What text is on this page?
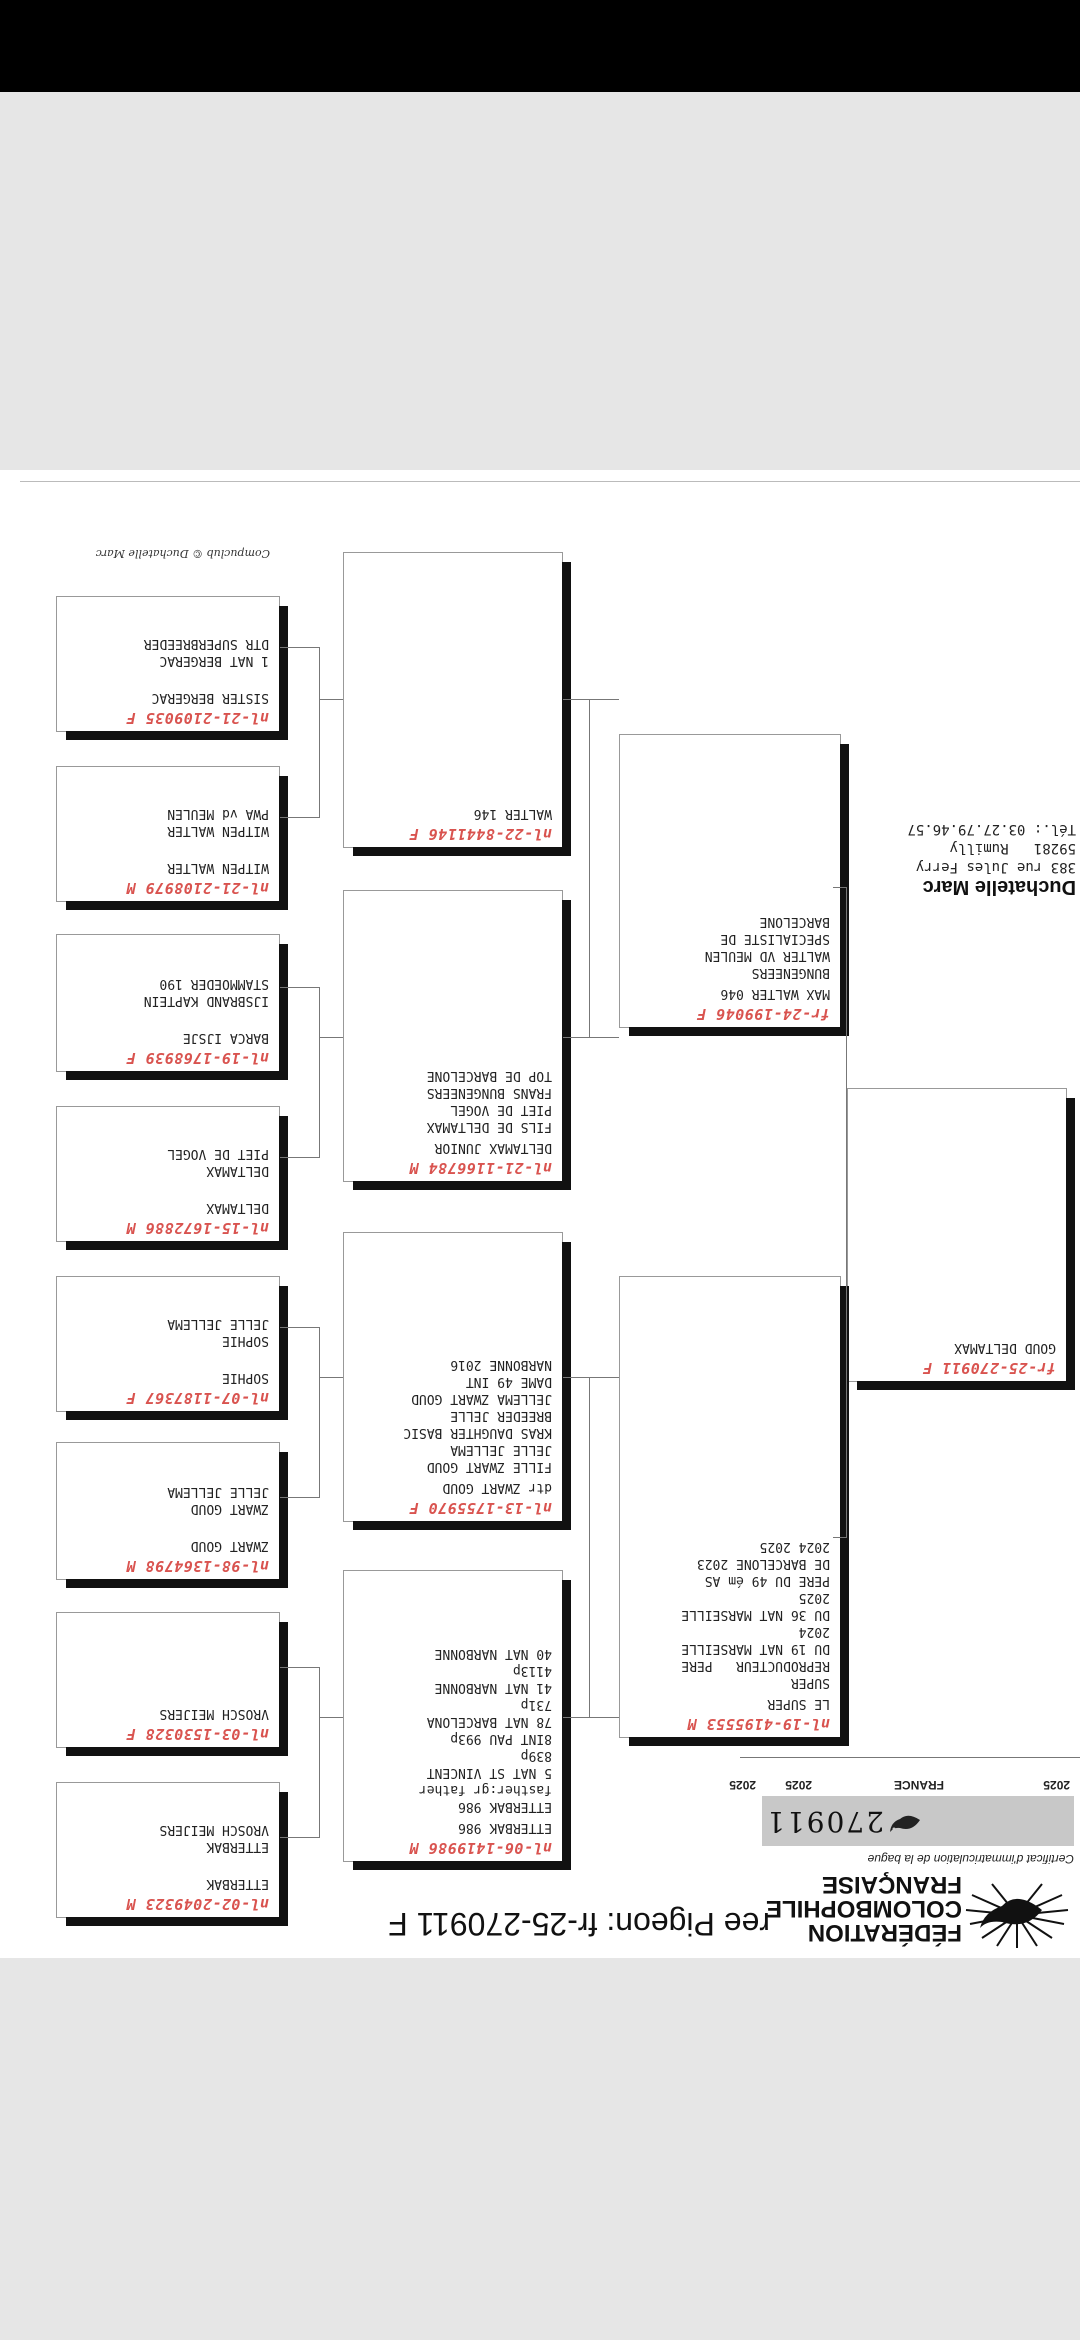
ree Pigeon: fr-25-270911 F	FÉDÉRATION
COLOMBOPHILE
FRANÇAISE
Certificat d'immatriculation de la bague
270911
2025
FRANCE
2025
2025
Duchatelle Marc
383 rue Jules Ferry
59281   Rumilly
Tél.: 03.27.79.46.57
fr-25-270911 F
GOUD DELTAMAX
nl-19-4195553 M
LE SUPER
SUPER
REPRODUCTEUR   PERE
DU 19 NAT MARSEILLE
2024
DU 36 NAT MARSEILLE
2025
PERE DU 49 ém AS
DE BARCELONE 2023
2024 2025
fr-24-199046 F
MAX WALTER 046
BUNGENEERS
WALTER VD MEULEN
SPECIALISTE DE
BARCELONE
nl-06-1419986 M
ETTERBAK 986
ETTERBAK 986
fasther:gr father
5 NAT ST VINCENT
839p
8INT PAU 993p
78 NAT BARCELONA
731p
41 NAT NARBONNE
4113p
40 NAT NARBONNE
nl-13-1755970 F
dtr ZWART GOUD
FILLE ZWART GOUD
JELLE JELLEMA
KRAS DAUGHTER BASIC
BREEDER JELLE
JELLEMA ZWART GOUD
DAME 49 INT
NARBONNE 2016
nl-21-1166784 M
DELTAMAX JUNIOR
FILS DE DELTAMAX
PIET DE VOGEL
FRANS BUNGENEERS
TOP DE BARCELONE
nl-22-8441146 F
WALTER 146
nl-02-2049323 M
ETTERBAK
ETTERBAK
VROSCH MEIJERS
nl-03-1530328 F
VROSCH MEIJERS
nl-98-1364798 M
ZWART GOUD
ZWART GOUD
JELLE JELLEMA
nl-07-1187367 F
SOPHIE
SOPHIE
JELLE JELLEMA
nl-15-1672886 M
DELTAMAX
DELTAMAX
PIET DE VOGEL
nl-19-1768939 F
BARCA IJSJE
IJSBRAND KAPTEIN
STAMMOEDER 190
nl-21-2108979 M
WITPEN WALTER
WITPEN WALTER
PWA vd MEULEN
nl-21-2109035 F
SISTER BERGERAC
1 NAT BERGERAC
DTR SUPERBREEDER
Compuclub © Duchatelle Marc
